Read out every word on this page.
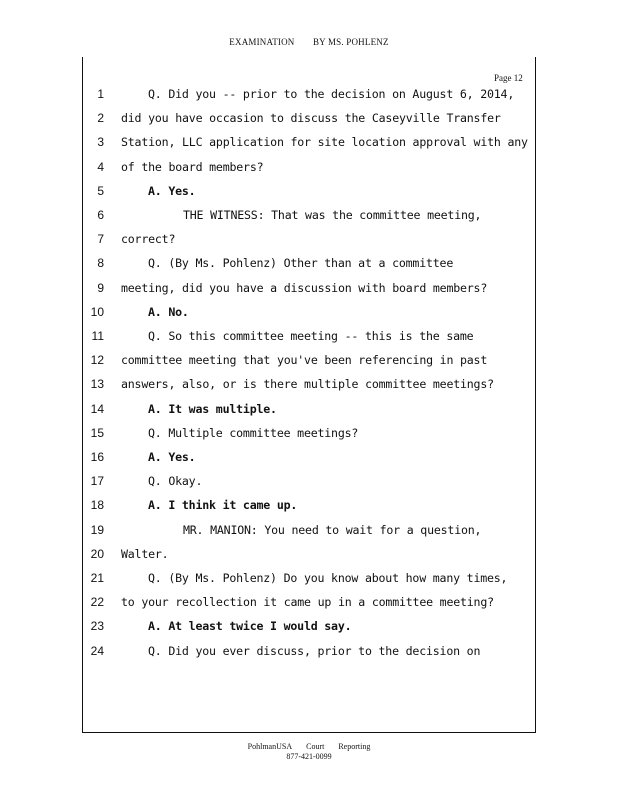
EXAMINATION BY MS. POHLENZ
Page 12
1	Q. Did you -- prior to the decision on August 6, 2014,
2 did you have occasion to discuss the Caseyville Transfer
3 Station, LLC application for site location approval with any
4 of the board members?
5	A. Yes.
6	THE WITNESS: That was the committee meeting,
7 correct?
8	Q. (By Ms. Pohlenz) Other than at a committee
9 meeting, did you have a discussion with board members?
10	A. No.
11	Q. So this committee meeting -- this is the same
12 committee meeting that you've been referencing in past
13 answers, also, or is there multiple committee meetings?
14	A. It was multiple.
15	Q. Multiple committee meetings?
16	A. Yes.
17	Q. Okay.
18	A. I think it came up.
19	MR. MANION: You need to wait for a question,
20 Walter.
21	Q. (By Ms. Pohlenz) Do you know about how many times,
22 to your recollection it came up in a committee meeting?
23	A. At least twice I would say.
24	Q. Did you ever discuss, prior to the decision on
PohlmanUSA Court Reporting
877-421-0099
